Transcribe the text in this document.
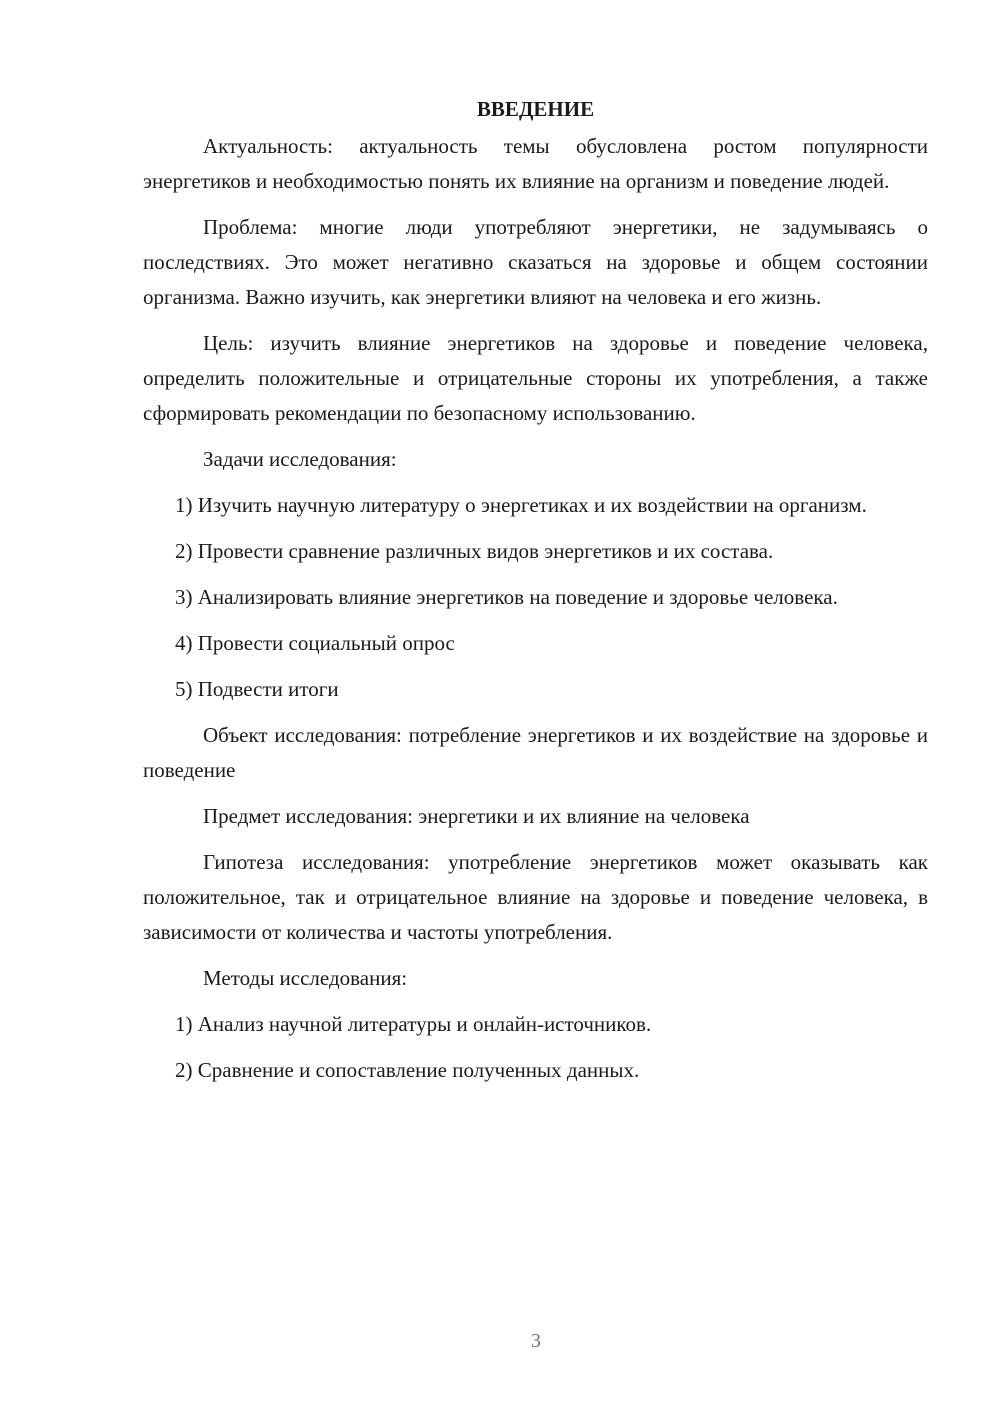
ВВЕДЕНИЕ

Актуальность: актуальность темы обусловлена ростом популярности энергетиков и необходимостью понять их влияние на организм и поведение людей.

Проблема: многие люди употребляют энергетики, не задумываясь о последствиях. Это может негативно сказаться на здоровье и общем состоянии организма. Важно изучить, как энергетики влияют на человека и его жизнь.

Цель: изучить влияние энергетиков на здоровье и поведение человека, определить положительные и отрицательные стороны их употребления, а также сформировать рекомендации по безопасному использованию.

Задачи исследования:

1) Изучить научную литературу о энергетиках и их воздействии на организм.

2) Провести сравнение различных видов энергетиков и их состава.

3) Анализировать влияние энергетиков на поведение и здоровье человека.

4) Провести социальный опрос

5) Подвести итоги

Объект исследования: потребление энергетиков и их воздействие на здоровье и поведение

Предмет исследования: энергетики и их влияние на человека

Гипотеза исследования: употребление энергетиков может оказывать как положительное, так и отрицательное влияние на здоровье и поведение человека, в зависимости от количества и частоты употребления.

Методы исследования:

1) Анализ научной литературы и онлайн-источников.

2) Сравнение и сопоставление полученных данных.

3
